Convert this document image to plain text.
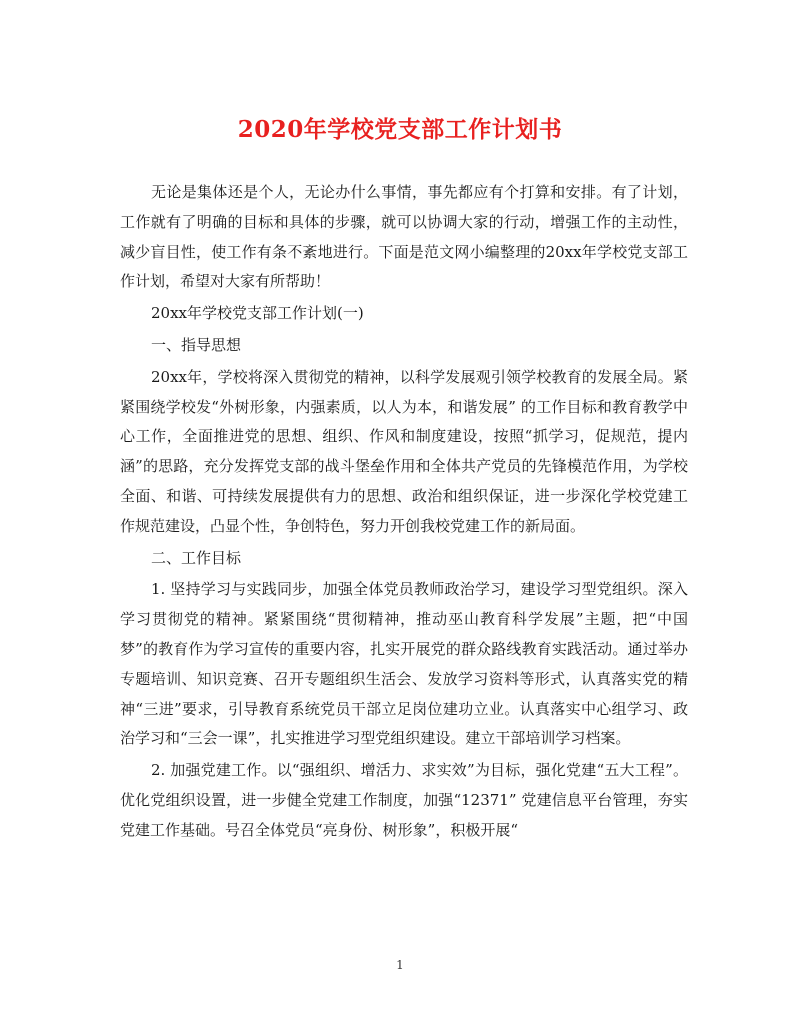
2020年学校党支部工作计划书

无论是集体还是个人，无论办什么事情，事先都应有个打算和安排。有了计划，工作就有了明确的目标和具体的步骤，就可以协调大家的行动，增强工作的主动性，减少盲目性，使工作有条不紊地进行。下面是范文网小编整理的20xx年学校党支部工作计划，希望对大家有所帮助！

20xx年学校党支部工作计划(一)

一、指导思想

20xx年，学校将深入贯彻党的精神，以科学发展观引领学校教育的发展全局。紧紧围绕学校发“外树形象，内强素质，以人为本，和谐发展” 的工作目标和教育教学中心工作，全面推进党的思想、组织、作风和制度建设，按照“抓学习，促规范，提内涵”的思路，充分发挥党支部的战斗堡垒作用和全体共产党员的先锋模范作用，为学校全面、和谐、可持续发展提供有力的思想、政治和组织保证，进一步深化学校党建工作规范建设，凸显个性，争创特色，努力开创我校党建工作的新局面。

二、工作目标

1. 坚持学习与实践同步，加强全体党员教师政治学习，建设学习型党组织。深入学习贯彻党的精神。紧紧围绕“贯彻精神，推动巫山教育科学发展”主题，把“中国梦”的教育作为学习宣传的重要内容，扎实开展党的群众路线教育实践活动。通过举办专题培训、知识竞赛、召开专题组织生活会、发放学习资料等形式，认真落实党的精神“三进”要求，引导教育系统党员干部立足岗位建功立业。认真落实中心组学习、政治学习和“三会一课”，扎实推进学习型党组织建设。建立干部培训学习档案。

2. 加强党建工作。以“强组织、增活力、求实效”为目标，强化党建“五大工程”。优化党组织设置，进一步健全党建工作制度，加强“12371” 党建信息平台管理，夯实党建工作基础。号召全体党员“亮身份、树形象”，积极开展“

1
